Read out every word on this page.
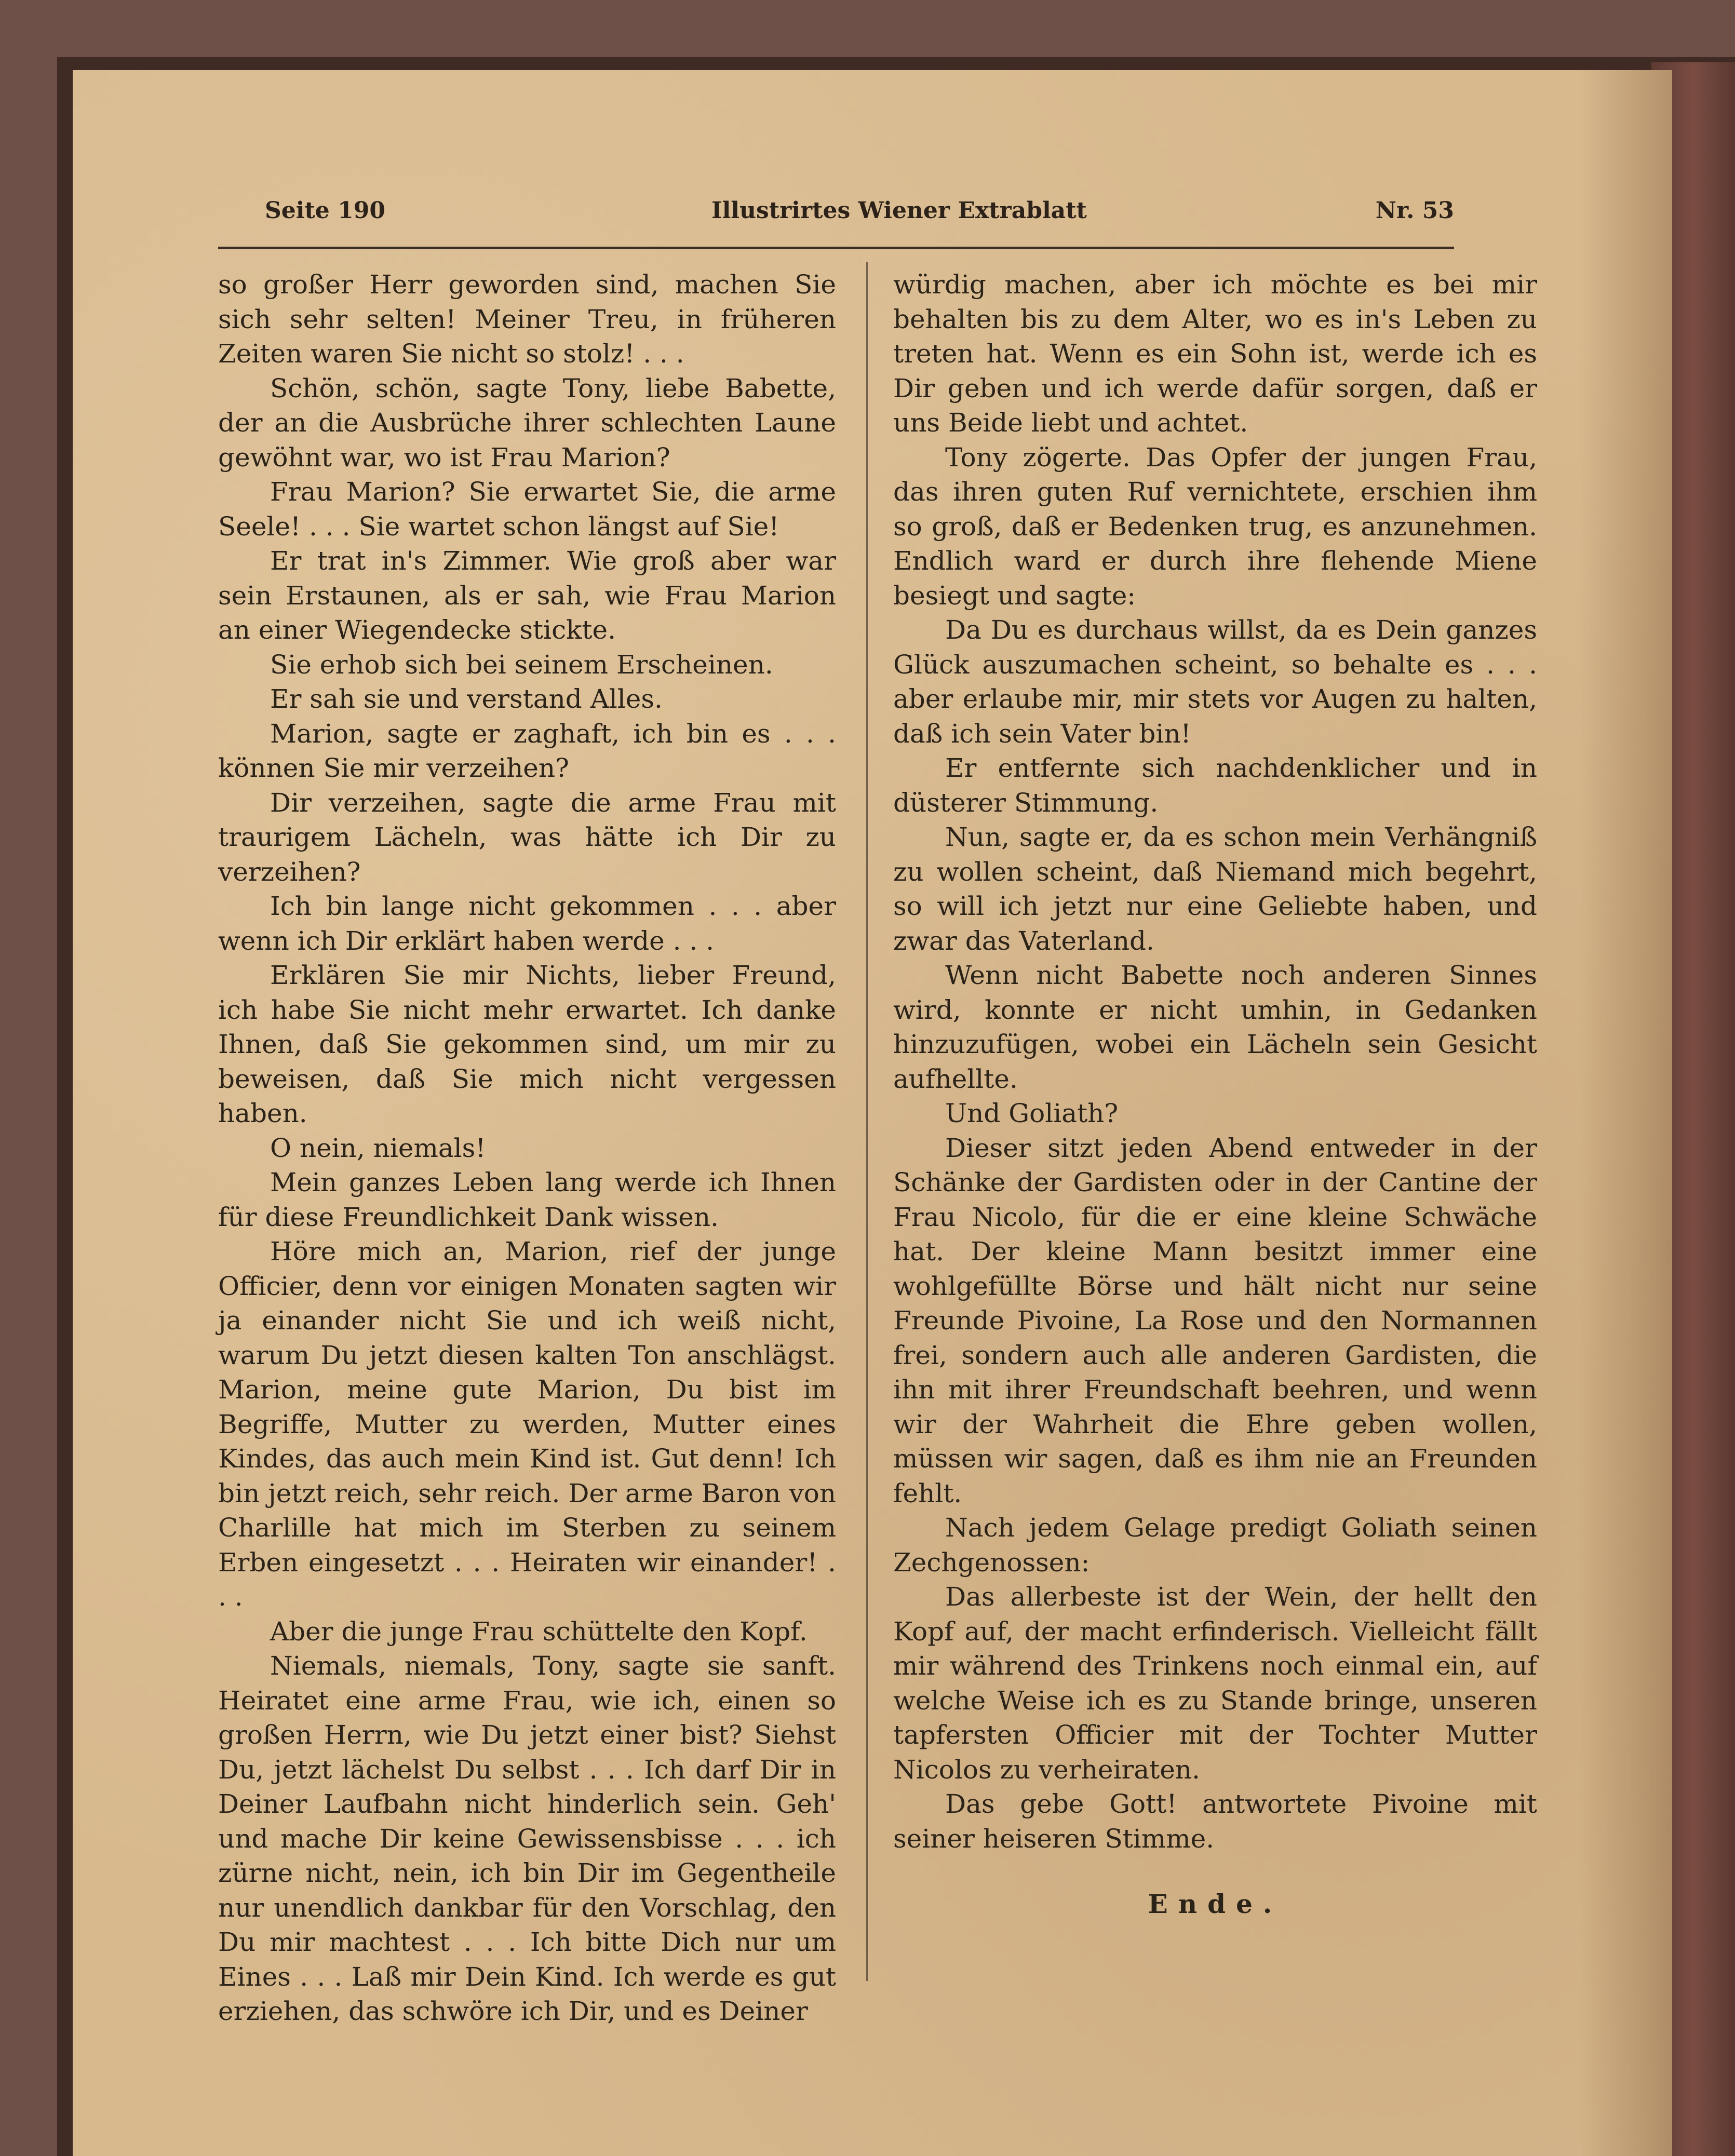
Seite 190	Illustrirtes Wiener Extrablatt	Nr. 53

so großer Herr geworden sind, machen Sie sich sehr selten! Meiner Treu, in früheren Zeiten waren Sie nicht so stolz! . . .

Schön, schön, sagte Tony, liebe Babette, der an die Ausbrüche ihrer schlechten Laune gewöhnt war, wo ist Frau Marion?

Frau Marion? Sie erwartet Sie, die arme Seele! . . . Sie wartet schon längst auf Sie!

Er trat in's Zimmer. Wie groß aber war sein Erstaunen, als er sah, wie Frau Marion an einer Wiegendecke stickte.

Sie erhob sich bei seinem Erscheinen.

Er sah sie und verstand Alles.

Marion, sagte er zaghaft, ich bin es . . . können Sie mir verzeihen?

Dir verzeihen, sagte die arme Frau mit traurigem Lächeln, was hätte ich Dir zu verzeihen?

Ich bin lange nicht gekommen . . . aber wenn ich Dir erklärt haben werde . . .

Erklären Sie mir Nichts, lieber Freund, ich habe Sie nicht mehr erwartet. Ich danke Ihnen, daß Sie gekommen sind, um mir zu beweisen, daß Sie mich nicht vergessen haben.

O nein, niemals!

Mein ganzes Leben lang werde ich Ihnen für diese Freundlichkeit Dank wissen.

Höre mich an, Marion, rief der junge Officier, denn vor einigen Monaten sagten wir ja einander nicht Sie und ich weiß nicht, warum Du jetzt diesen kalten Ton anschlägst. Marion, meine gute Marion, Du bist im Begriffe, Mutter zu werden, Mutter eines Kindes, das auch mein Kind ist. Gut denn! Ich bin jetzt reich, sehr reich. Der arme Baron von Charlille hat mich im Sterben zu seinem Erben eingesetzt . . . Heiraten wir einander! . . .

Aber die junge Frau schüttelte den Kopf.

Niemals, niemals, Tony, sagte sie sanft. Heiratet eine arme Frau, wie ich, einen so großen Herrn, wie Du jetzt einer bist? Siehst Du, jetzt lächelst Du selbst . . . Ich darf Dir in Deiner Laufbahn nicht hinderlich sein. Geh' und mache Dir keine Gewissensbisse . . . ich zürne nicht, nein, ich bin Dir im Gegentheile nur unendlich dankbar für den Vorschlag, den Du mir machtest . . . Ich bitte Dich nur um Eines . . . Laß mir Dein Kind. Ich werde es gut erziehen, das schwöre ich Dir, und es Deiner

würdig machen, aber ich möchte es bei mir behalten bis zu dem Alter, wo es in's Leben zu treten hat. Wenn es ein Sohn ist, werde ich es Dir geben und ich werde dafür sorgen, daß er uns Beide liebt und achtet.

Tony zögerte. Das Opfer der jungen Frau, das ihren guten Ruf vernichtete, erschien ihm so groß, daß er Bedenken trug, es anzunehmen. Endlich ward er durch ihre flehende Miene besiegt und sagte:

Da Du es durchaus willst, da es Dein ganzes Glück auszumachen scheint, so behalte es . . . aber erlaube mir, mir stets vor Augen zu halten, daß ich sein Vater bin!

Er entfernte sich nachdenklicher und in düsterer Stimmung.

Nun, sagte er, da es schon mein Verhängniß zu wollen scheint, daß Niemand mich begehrt, so will ich jetzt nur eine Geliebte haben, und zwar das Vaterland.

Wenn nicht Babette noch anderen Sinnes wird, konnte er nicht umhin, in Gedanken hinzuzufügen, wobei ein Lächeln sein Gesicht aufhellte.

Und Goliath?

Dieser sitzt jeden Abend entweder in der Schänke der Gardisten oder in der Cantine der Frau Nicolo, für die er eine kleine Schwäche hat. Der kleine Mann besitzt immer eine wohlgefüllte Börse und hält nicht nur seine Freunde Pivoine, La Rose und den Normannen frei, sondern auch alle anderen Gardisten, die ihn mit ihrer Freundschaft beehren, und wenn wir der Wahrheit die Ehre geben wollen, müssen wir sagen, daß es ihm nie an Freunden fehlt.

Nach jedem Gelage predigt Goliath seinen Zechgenossen:

Das allerbeste ist der Wein, der hellt den Kopf auf, der macht erfinderisch. Vielleicht fällt mir während des Trinkens noch einmal ein, auf welche Weise ich es zu Stande bringe, unseren tapfersten Officier mit der Tochter Mutter Nicolos zu verheiraten.

Das gebe Gott! antwortete Pivoine mit seiner heiseren Stimme.

Ende.
